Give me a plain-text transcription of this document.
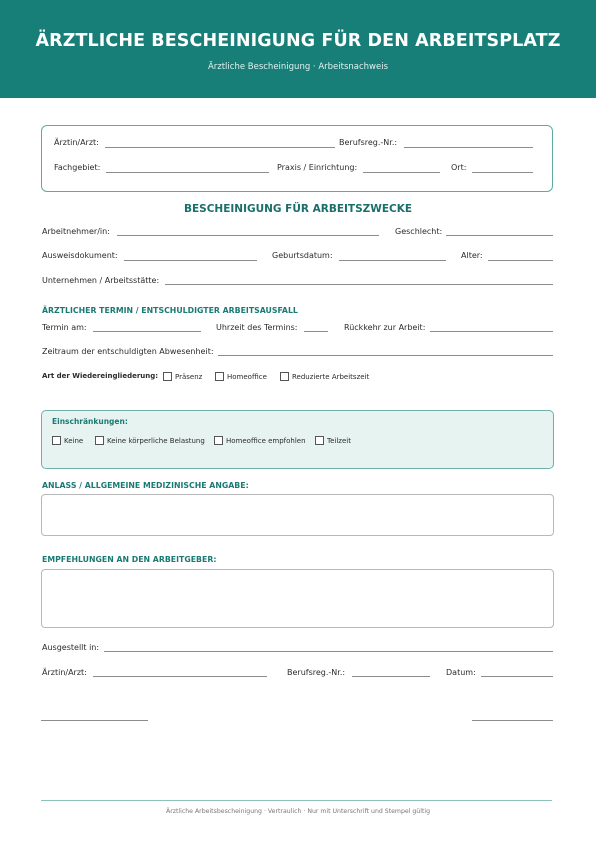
ÄRZTLICHE BESCHEINIGUNG FÜR DEN ARBEITSPLATZ
Ärztliche Bescheinigung · Arbeitsnachweis
Ärztin/Arzt:	Berufsreg.-Nr.:
Fachgebiet:	Praxis / Einrichtung:	Ort:
BESCHEINIGUNG FÜR ARBEITSZWECKE
Arbeitnehmer/in:	Geschlecht:
Ausweisdokument:	Geburtsdatum:	Alter:
Unternehmen / Arbeitsstätte:
ÄRZTLICHER TERMIN / ENTSCHULDIGTER ARBEITSAUSFALL
Termin am:	Uhrzeit des Termins:	Rückkehr zur Arbeit:
Zeitraum der entschuldigten Abwesenheit:
Art der Wiedereingliederung: Präsenz	Homeoffice	Reduzierte Arbeitszeit
Einschränkungen:
Keine	Keine körperliche Belastung	Homeoffice empfohlen	Teilzeit
ANLASS / ALLGEMEINE MEDIZINISCHE ANGABE:
EMPFEHLUNGEN AN DEN ARBEITGEBER:
Ausgestellt in:
Ärztin/Arzt:	Berufsreg.-Nr.:	Datum:
Ärztliche Arbeitsbescheinigung · Vertraulich · Nur mit Unterschrift und Stempel gültig
